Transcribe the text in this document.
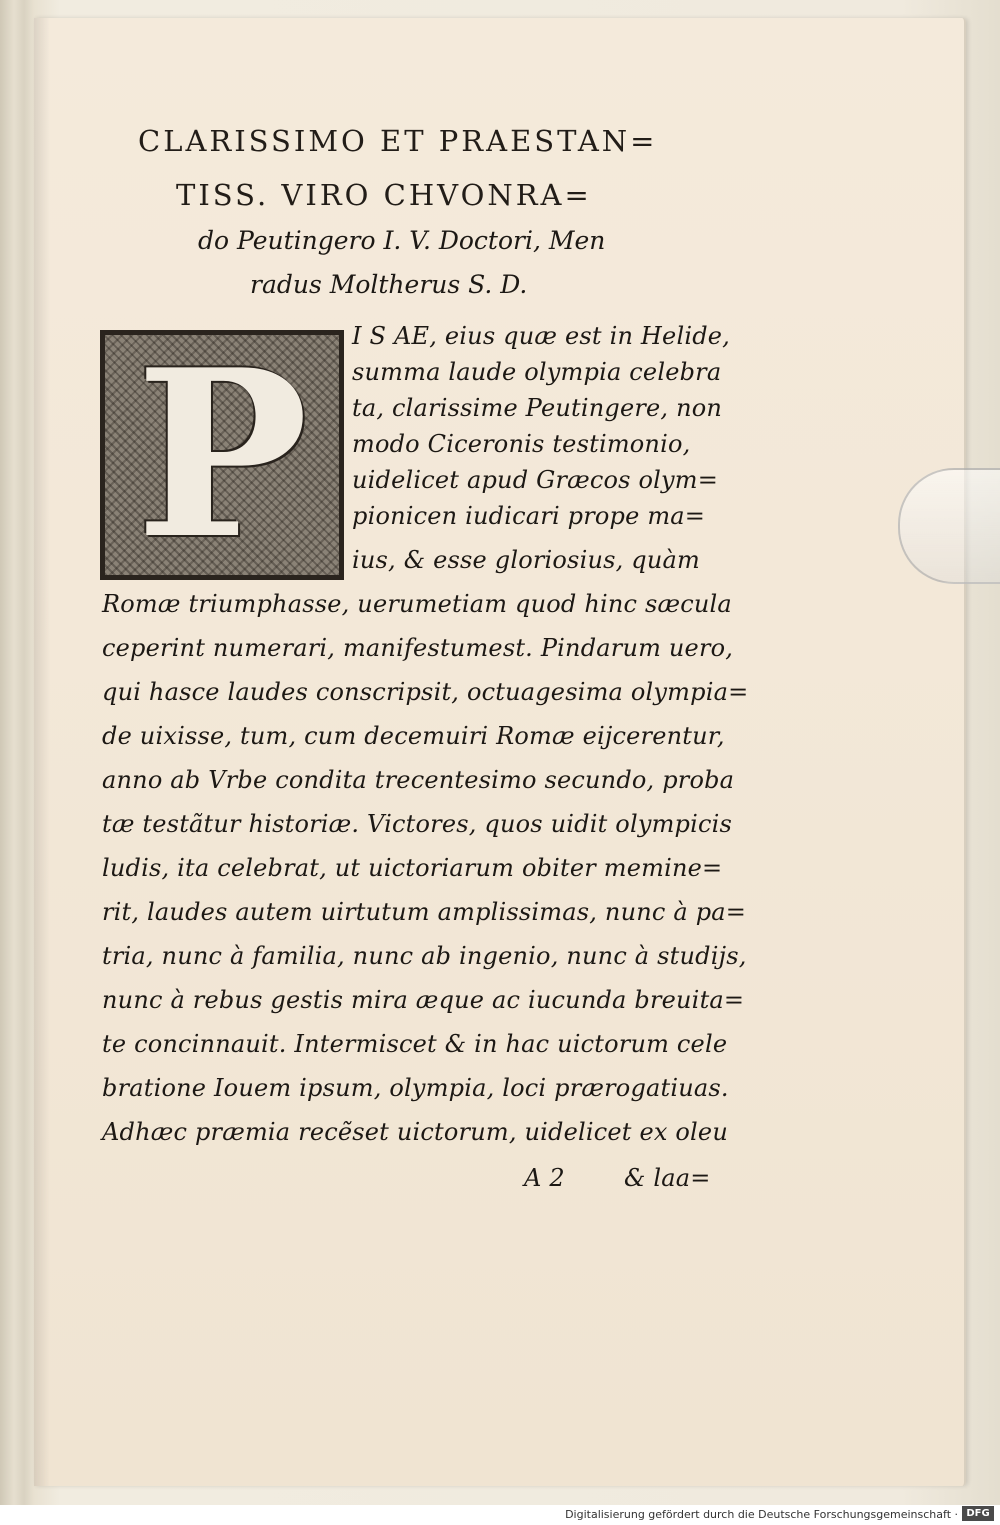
CLARISSIMO ET PRAESTAN=
TISS. VIRO CHVONRA=
do Peutingero I. V. Doctori, Men
radus Moltherus S. D.
P	I S AE, eius quæ est in Helide,
summa laude olympia celebra
ta, clarissime Peutingere, non
modo Ciceronis testimonio,
uidelicet apud Græcos olym=
pionicen iudicari prope ma=
ius, & esse gloriosius, quàm
Romæ triumphasse, uerumetiam quod hinc sæcula
ceperint numerari, manifestumest. Pindarum uero,
qui hasce laudes conscripsit, octuagesima olympia=
de uixisse, tum, cum decemuiri Romæ eijcerentur,
anno ab Vrbe condita trecentesimo secundo, proba
tæ testãtur historiæ. Victores, quos uidit olympicis
ludis, ita celebrat, ut uictoriarum obiter memine=
rit, laudes autem uirtutum amplissimas, nunc à pa=
tria, nunc à familia, nunc ab ingenio, nunc à studijs,
nunc à rebus gestis mira æque ac iucunda breuita=
te concinnauit. Intermiscet & in hac uictorum cele
bratione Iouem ipsum, olympia, loci prærogatiuas.
Adhæc præmia recẽset uictorum, uidelicet ex oleu
A 2 & laa=
Digitalisierung gefördert durch die Deutsche Forschungsgemeinschaft · DFG
